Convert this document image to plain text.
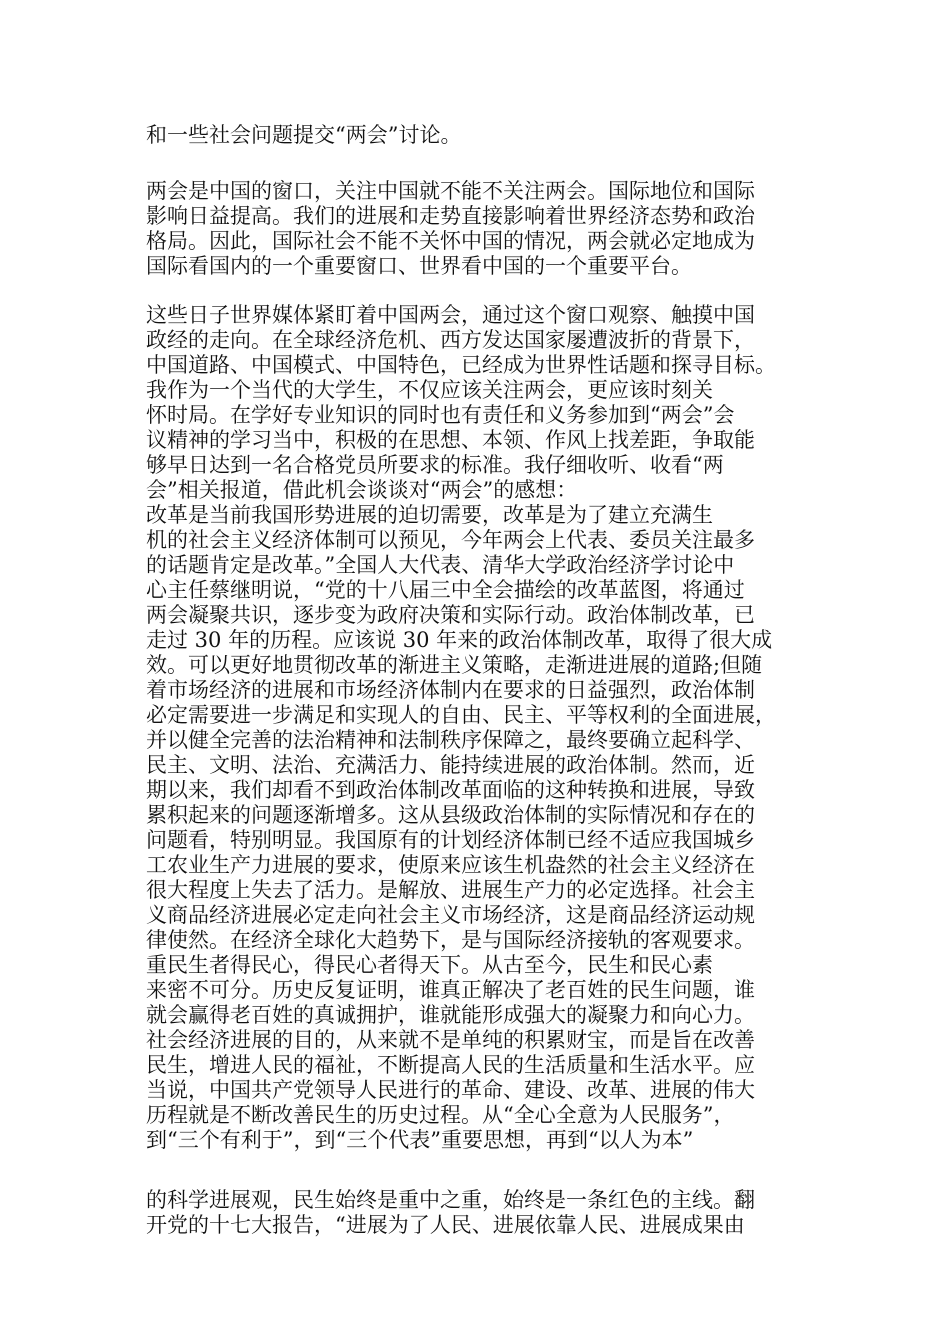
和一些社会问题提交“两会”讨论。

两会是中国的窗口，关注中国就不能不关注两会。国际地位和国际

影响日益提高。我们的进展和走势直接影响着世界经济态势和政治

格局。因此，国际社会不能不关怀中国的情况，两会就必定地成为

国际看国内的一个重要窗口、世界看中国的一个重要平台。

这些日子世界媒体紧盯着中国两会，通过这个窗口观察、触摸中国

政经的走向。在全球经济危机、西方发达国家屡遭波折的背景下，

中国道路、中国模式、中国特色，已经成为世界性话题和探寻目标。

我作为一个当代的大学生，不仅应该关注两会，更应该时刻关

怀时局。在学好专业知识的同时也有责任和义务参加到“两会”会

议精神的学习当中，积极的在思想、本领、作风上找差距，争取能

够早日达到一名合格党员所要求的标准。我仔细收听、收看“两

会”相关报道，借此机会谈谈对“两会”的感想：

改革是当前我国形势进展的迫切需要，改革是为了建立充满生

机的社会主义经济体制可以预见，今年两会上代表、委员关注最多

的话题肯定是改革。”全国人大代表、清华大学政治经济学讨论中

心主任蔡继明说，“党的十八届三中全会描绘的改革蓝图，将通过

两会凝聚共识，逐步变为政府决策和实际行动。政治体制改革，已

走过 30 年的历程。应该说 30 年来的政治体制改革，取得了很大成

效。可以更好地贯彻改革的渐进主义策略，走渐进进展的道路;但随

着市场经济的进展和市场经济体制内在要求的日益强烈，政治体制

必定需要进一步满足和实现人的自由、民主、平等权利的全面进展，

并以健全完善的法治精神和法制秩序保障之，最终要确立起科学、

民主、文明、法治、充满活力、能持续进展的政治体制。然而，近

期以来，我们却看不到政治体制改革面临的这种转换和进展，导致

累积起来的问题逐渐增多。这从县级政治体制的实际情况和存在的

问题看，特别明显。我国原有的计划经济体制已经不适应我国城乡

工农业生产力进展的要求，使原来应该生机盎然的社会主义经济在

很大程度上失去了活力。是解放、进展生产力的必定选择。社会主

义商品经济进展必定走向社会主义市场经济，这是商品经济运动规

律使然。在经济全球化大趋势下，是与国际经济接轨的客观要求。

重民生者得民心，得民心者得天下。从古至今，民生和民心素

来密不可分。历史反复证明，谁真正解决了老百姓的民生问题，谁

就会赢得老百姓的真诚拥护，谁就能形成强大的凝聚力和向心力。

社会经济进展的目的，从来就不是单纯的积累财宝，而是旨在改善

民生，增进人民的福祉，不断提高人民的生活质量和生活水平。应

当说，中国共产党领导人民进行的革命、建设、改革、进展的伟大

历程就是不断改善民生的历史过程。从“全心全意为人民服务”，

到“三个有利于”，到“三个代表”重要思想，再到“以人为本”

的科学进展观，民生始终是重中之重，始终是一条红色的主线。翻

开党的十七大报告，“进展为了人民、进展依靠人民、进展成果由
